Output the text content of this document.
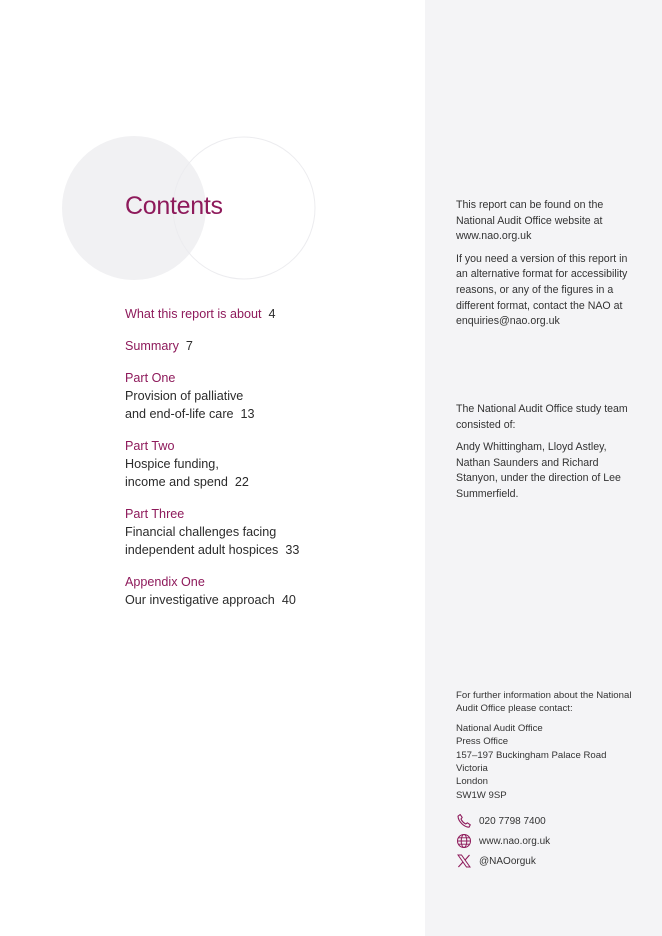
Contents
What this report is about 4
Summary 7
Part One
Provision of palliative
and end-of-life care 13
Part Two
Hospice funding,
income and spend 22
Part Three
Financial challenges facing
independent adult hospices 33
Appendix One
Our investigative approach 40

This report can be found on the National Audit Office website at www.nao.org.uk

If you need a version of this report in an alternative format for accessibility reasons, or any of the figures in a different format, contact the NAO at enquiries@nao.org.uk

The National Audit Office study team consisted of:

Andy Whittingham, Lloyd Astley, Nathan Saunders and Richard Stanyon, under the direction of Lee Summerfield.

For further information about the National Audit Office please contact:

National Audit Office
Press Office
157–197 Buckingham Palace Road
Victoria
London
SW1W 9SP

020 7798 7400
www.nao.org.uk
@NAOorguk
